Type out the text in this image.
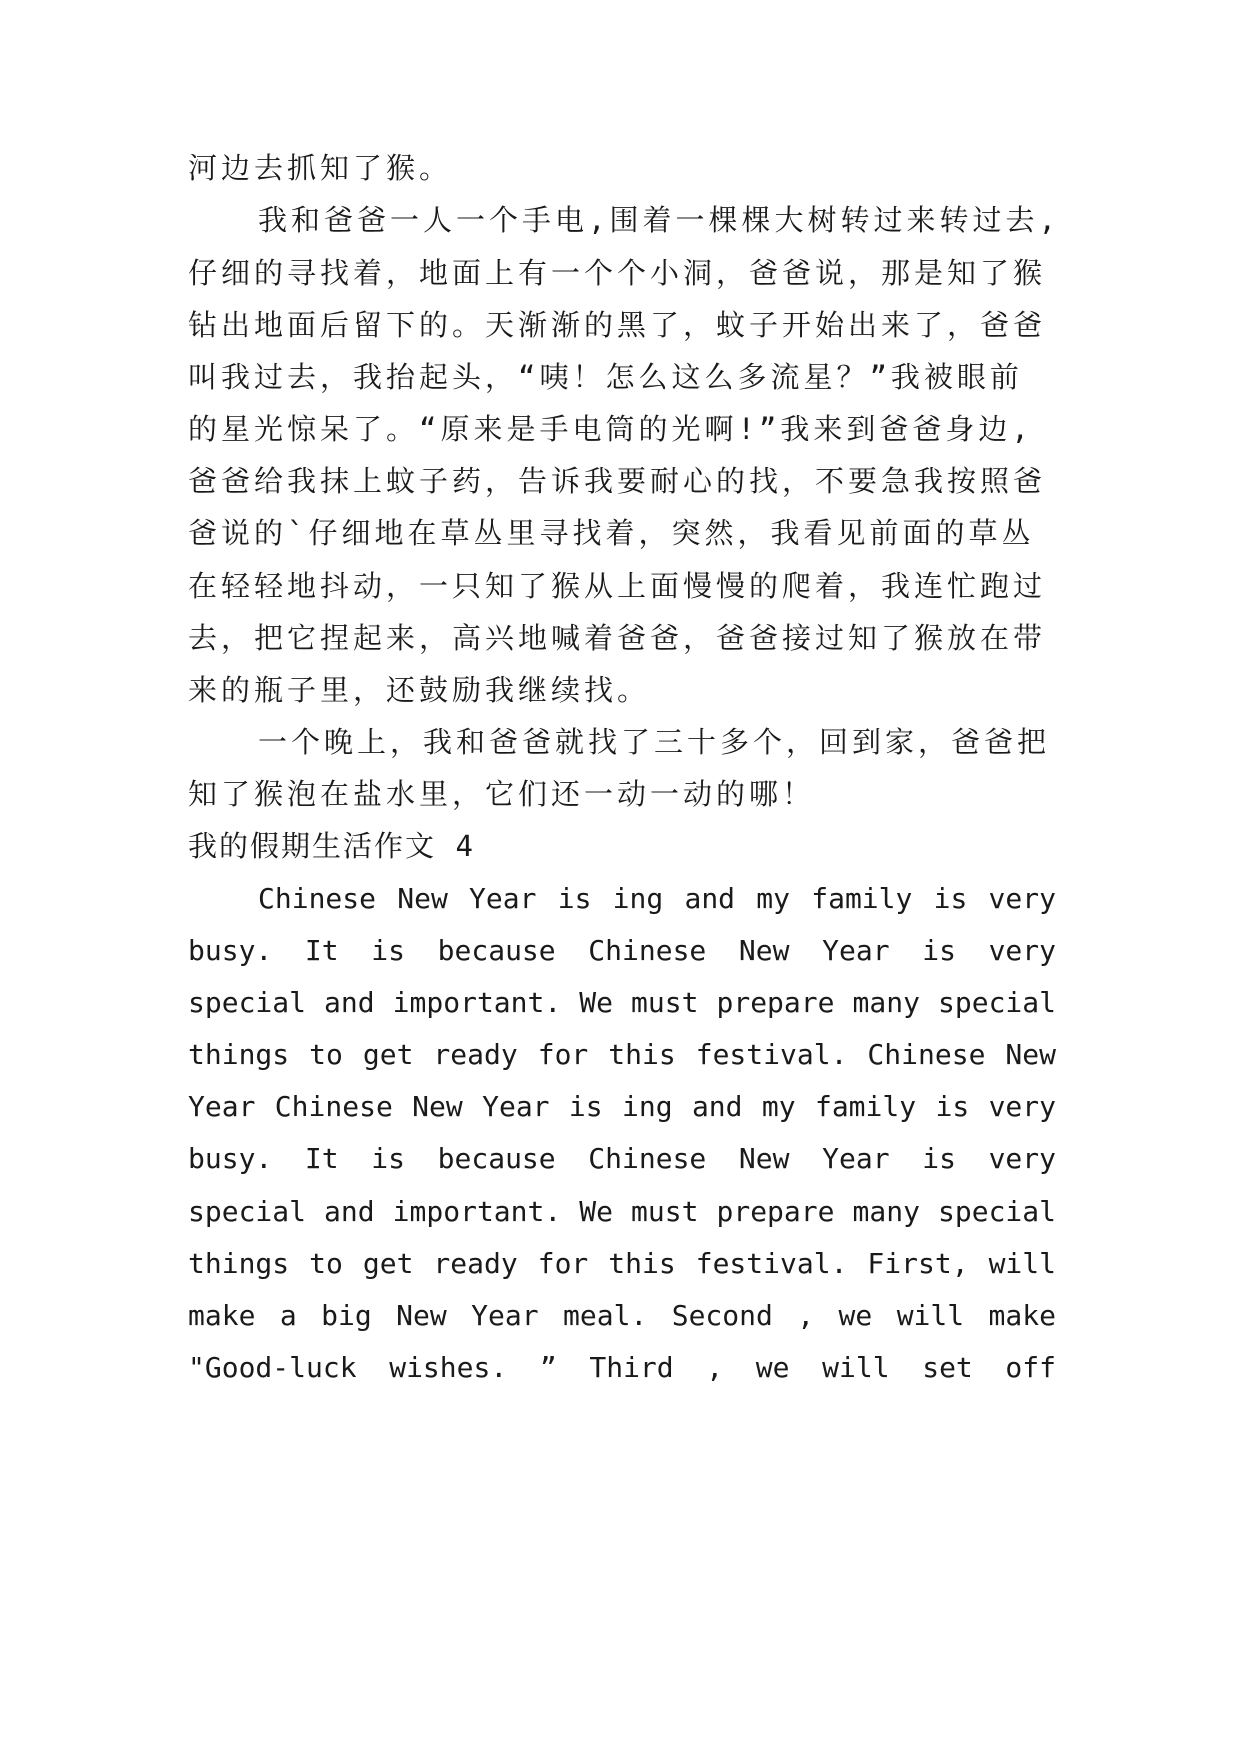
河边去抓知了猴。
我和爸爸一人一个手电,围着一棵棵大树转过来转过去,
仔细的寻找着，地面上有一个个小洞，爸爸说，那是知了猴
钻出地面后留下的。天渐渐的黑了，蚊子开始出来了，爸爸
叫我过去，我抬起头，“咦！怎么这么多流星？”我被眼前
的星光惊呆了。“原来是手电筒的光啊!”我来到爸爸身边,
爸爸给我抹上蚊子药，告诉我要耐心的找，不要急我按照爸
爸说的`仔细地在草丛里寻找着，突然，我看见前面的草丛
在轻轻地抖动，一只知了猴从上面慢慢的爬着，我连忙跑过
去，把它捏起来，高兴地喊着爸爸，爸爸接过知了猴放在带
来的瓶子里，还鼓励我继续找。
一个晚上，我和爸爸就找了三十多个，回到家，爸爸把
知了猴泡在盐水里，它们还一动一动的哪！
我的假期生活作文 4
Chinese New Year is ing and my family is very
busy. It is because Chinese New Year is very
special and important. We must prepare many special
things to get ready for this festival. Chinese New
Year Chinese New Year is ing and my family is very
busy. It is because Chinese New Year is very
special and important. We must prepare many special
things to get ready for this festival. First, will
make a big New Year meal. Second , we will make
"Good-luck wishes. ” Third , we will set off
